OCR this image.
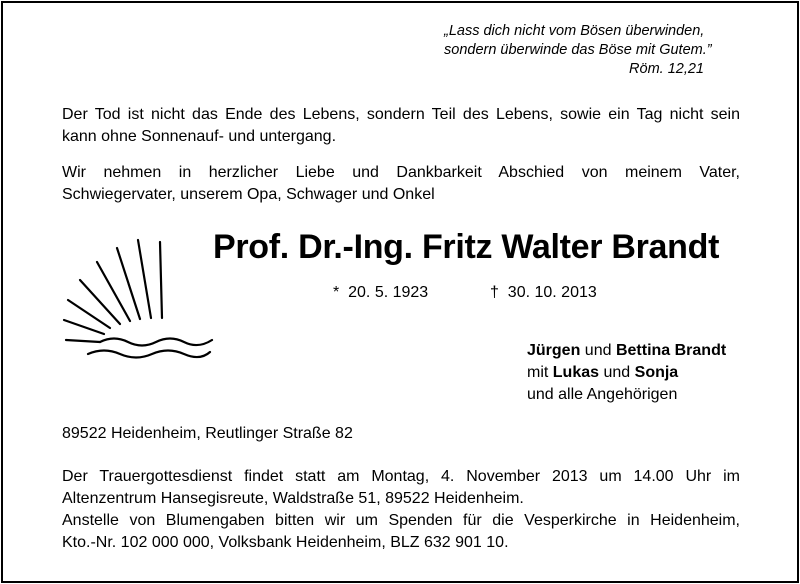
„Lass dich nicht vom Bösen überwinden,
sondern überwinde das Böse mit Gutem.”
Röm. 12,21
Der Tod ist nicht das Ende des Lebens, sondern Teil des Lebens, sowie ein Tag nicht sein
kann ohne Sonnenauf- und untergang.
Wir nehmen in herzlicher Liebe und Dankbarkeit Abschied von meinem Vater,
Schwiegervater, unserem Opa, Schwager und Onkel
Prof. Dr.-Ing. Fritz Walter Brandt
* 20. 5. 1923	† 30. 10. 2013
Jürgen und Bettina Brandt
mit Lukas und Sonja
und alle Angehörigen
89522 Heidenheim, Reutlinger Straße 82
Der Trauergottesdienst findet statt am Montag, 4. November 2013 um 14.00 Uhr im
Altenzentrum Hansegisreute, Waldstraße 51, 89522 Heidenheim.
Anstelle von Blumengaben bitten wir um Spenden für die Vesperkirche in Heidenheim,
Kto.-Nr. 102 000 000, Volksbank Heidenheim, BLZ 632 901 10.
